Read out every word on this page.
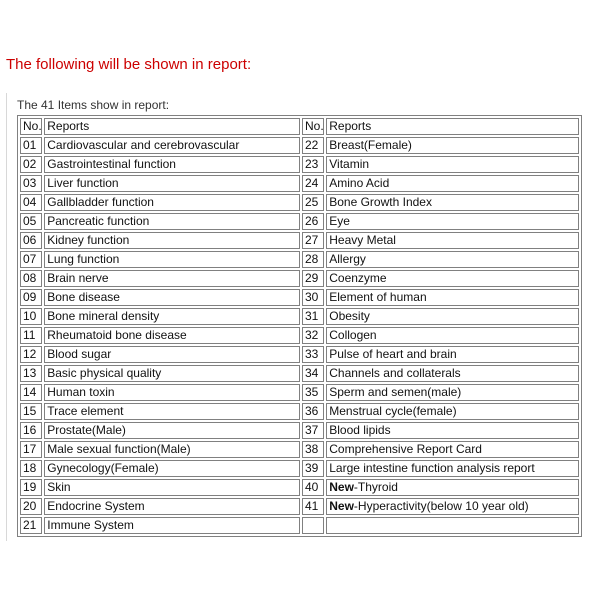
The following will be shown in report:

The 41 Items show in report:
No.	Reports	No.	Reports
01	Cardiovascular and cerebrovascular	22	Breast(Female)
02	Gastrointestinal function	23	Vitamin
03	Liver function	24	Amino Acid
04	Gallbladder function	25	Bone Growth Index
05	Pancreatic function	26	Eye
06	Kidney function	27	Heavy Metal
07	Lung function	28	Allergy
08	Brain nerve	29	Coenzyme
09	Bone disease	30	Element of human
10	Bone mineral density	31	Obesity
11	Rheumatoid bone disease	32	Collogen
12	Blood sugar	33	Pulse of heart and brain
13	Basic physical quality	34	Channels and collaterals
14	Human toxin	35	Sperm and semen(male)
15	Trace element	36	Menstrual cycle(female)
16	Prostate(Male)	37	Blood lipids
17	Male sexual function(Male)	38	Comprehensive Report Card
18	Gynecology(Female)	39	Large intestine function analysis report
19	Skin	40	New-Thyroid
20	Endocrine System	41	New-Hyperactivity(below 10 year old)
21	Immune System		
